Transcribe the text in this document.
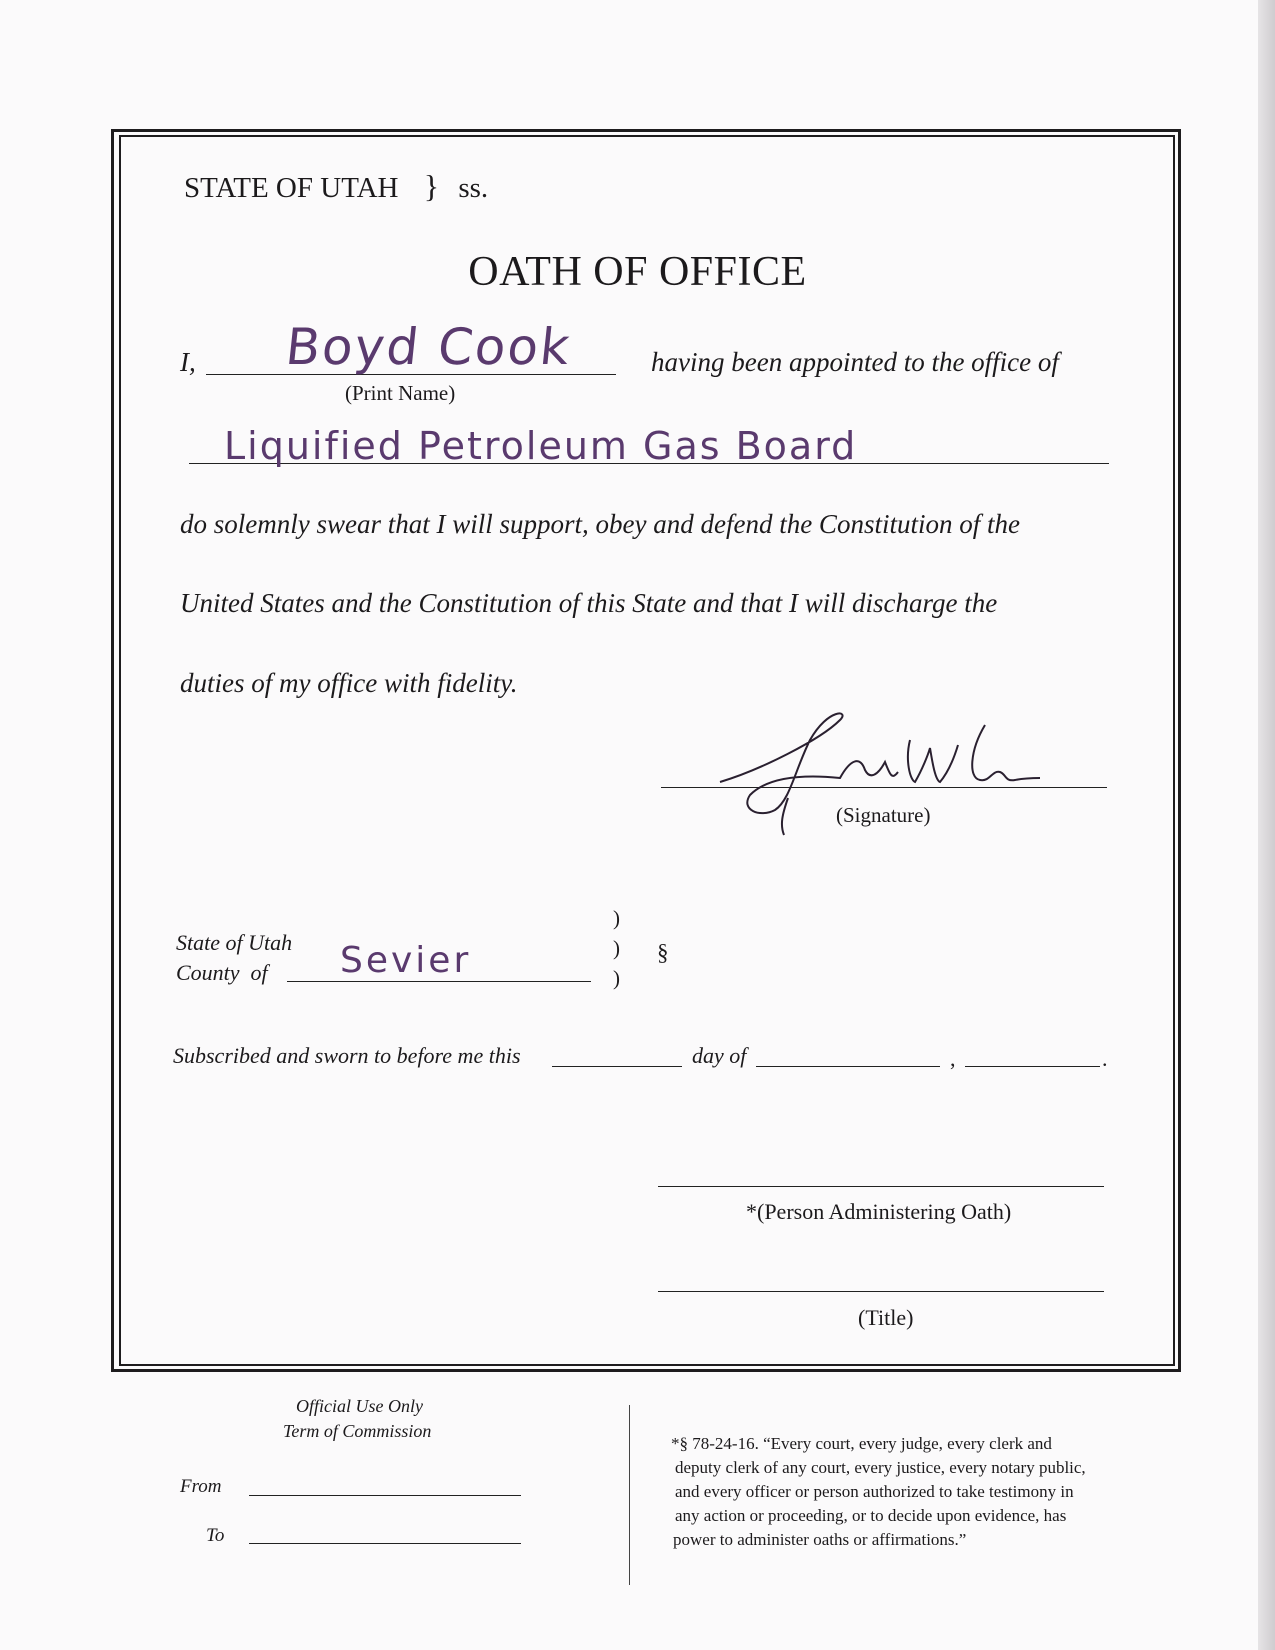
STATE OF UTAH } ss.
OATH OF OFFICE
I, Boyd Cook
(Print Name)
having been appointed to the office of
Liquified Petroleum Gas Board
do solemnly swear that I will support, obey and defend the Constitution of the
United States and the Constitution of this State and that I will discharge the
duties of my office with fidelity.
(Signature)
State of Utah
County  of Sevier
)
)
)
§
Subscribed and sworn to before me this	day of	,	.
*(Person Administering Oath)
(Title)
Official Use Only
Term of Commission
From
To
*§ 78-24-16. “Every court, every judge, every clerk and
deputy clerk of any court, every justice, every notary public,
and every officer or person authorized to take testimony in
any action or proceeding, or to decide upon evidence, has
power to administer oaths or affirmations.”
